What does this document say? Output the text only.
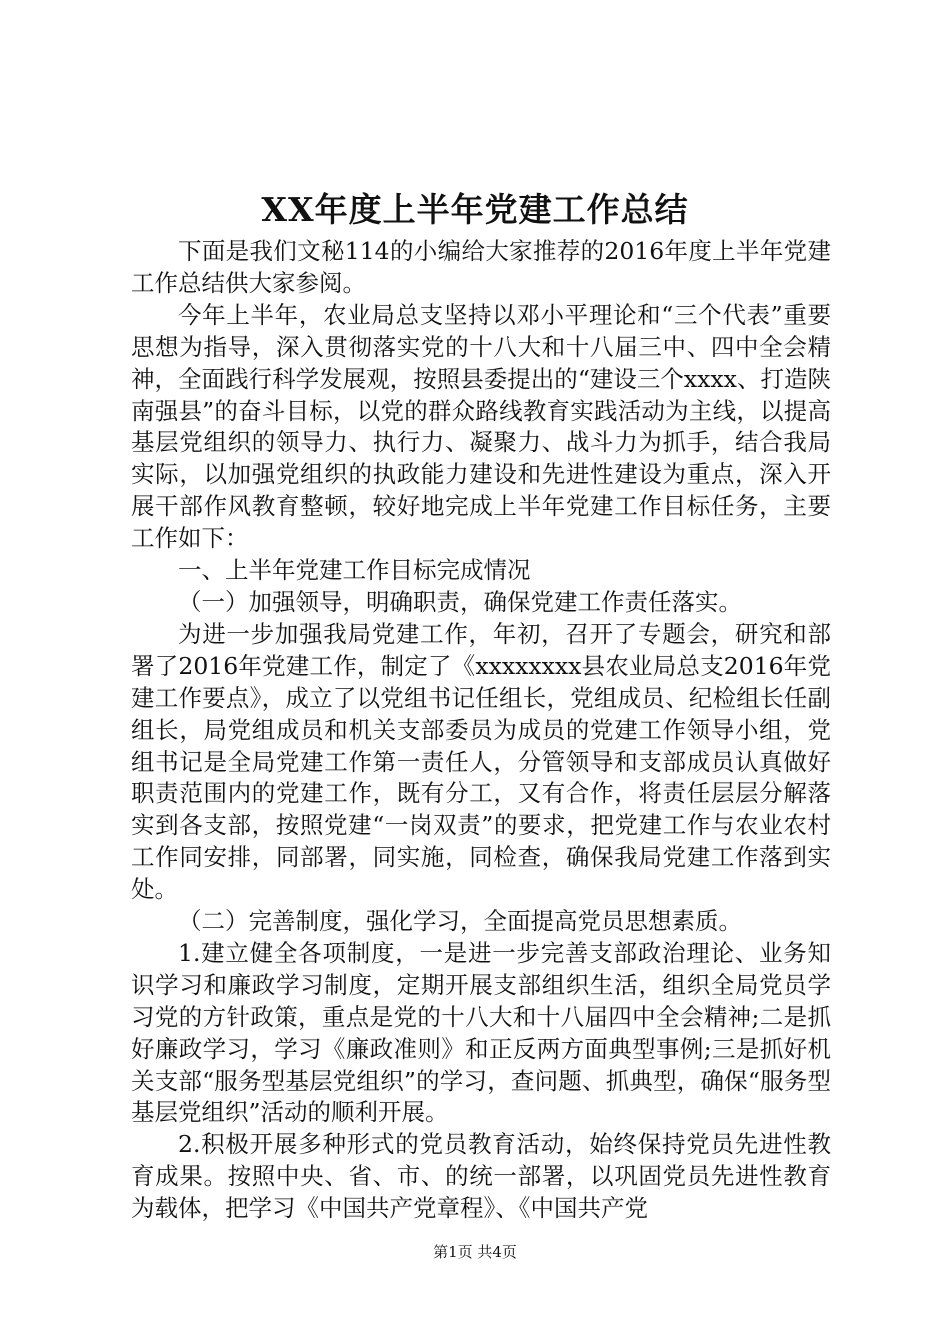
XX年度上半年党建工作总结

下面是我们文秘114的小编给大家推荐的2016年度上半年党建工作总结供大家参阅。

今年上半年，农业局总支坚持以邓小平理论和“三个代表”重要思想为指导，深入贯彻落实党的十八大和十八届三中、四中全会精神，全面践行科学发展观，按照县委提出的“建设三个xxxx、打造陕南强县”的奋斗目标，以党的群众路线教育实践活动为主线，以提高基层党组织的领导力、执行力、凝聚力、战斗力为抓手，结合我局实际，以加强党组织的执政能力建设和先进性建设为重点，深入开展干部作风教育整顿，较好地完成上半年党建工作目标任务，主要工作如下：

一、上半年党建工作目标完成情况

（一）加强领导，明确职责，确保党建工作责任落实。

为进一步加强我局党建工作，年初，召开了专题会，研究和部署了2016年党建工作，制定了《xxxxxxxx县农业局总支2016年党建工作要点》，成立了以党组书记任组长，党组成员、纪检组长任副组长，局党组成员和机关支部委员为成员的党建工作领导小组，党组书记是全局党建工作第一责任人，分管领导和支部成员认真做好职责范围内的党建工作，既有分工，又有合作，将责任层层分解落实到各支部，按照党建“一岗双责”的要求，把党建工作与农业农村工作同安排，同部署，同实施，同检查，确保我局党建工作落到实处。

（二）完善制度，强化学习，全面提高党员思想素质。

1.建立健全各项制度，一是进一步完善支部政治理论、业务知识学习和廉政学习制度，定期开展支部组织生活，组织全局党员学习党的方针政策，重点是党的十八大和十八届四中全会精神;二是抓好廉政学习，学习《廉政准则》和正反两方面典型事例;三是抓好机关支部“服务型基层党组织”的学习，查问题、抓典型，确保“服务型基层党组织”活动的顺利开展。

2.积极开展多种形式的党员教育活动，始终保持党员先进性教育成果。按照中央、省、市、的统一部署，以巩固党员先进性教育为载体，把学习《中国共产党章程》、《中国共产党

第1页 共4页
